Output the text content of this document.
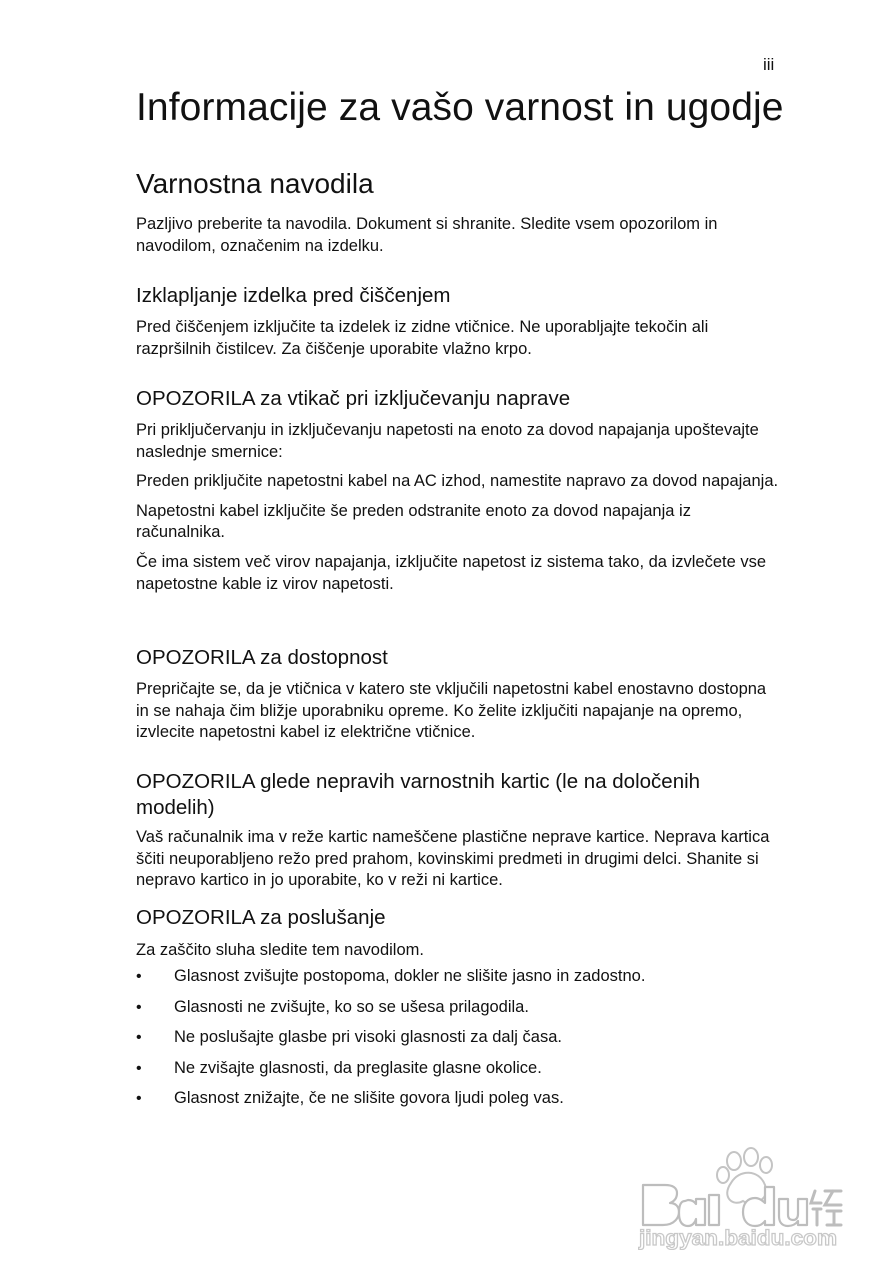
iii
Informacije za vašo varnost in ugodje
Varnostna navodila

Pazljivo preberite ta navodila. Dokument si shranite. Sledite vsem opozorilom in navodilom, označenim na izdelku.

Izklapljanje izdelka pred čiščenjem

Pred čiščenjem izključite ta izdelek iz zidne vtičnice. Ne uporabljajte tekočin ali razpršilnih čistilcev. Za čiščenje uporabite vlažno krpo.

OPOZORILA za vtikač pri izključevanju naprave

Pri priključervanju in izključevanju napetosti na enoto za dovod napajanja upoštevajte naslednje smernice:

Preden priključite napetostni kabel na AC izhod, namestite napravo za dovod napajanja.

Napetostni kabel izključite še preden odstranite enoto za dovod napajanja iz računalnika.

Če ima sistem več virov napajanja, izključite napetost iz sistema tako, da izvlečete vse napetostne kable iz virov napetosti.

OPOZORILA za dostopnost

Prepričajte se, da je vtičnica v katero ste vključili napetostni kabel enostavno dostopna in se nahaja čim bližje uporabniku opreme. Ko želite izključiti napajanje na opremo, izvlecite napetostni kabel iz električne vtičnice.

OPOZORILA glede nepravih varnostnih kartic (le na določenih modelih)

Vaš računalnik ima v reže kartic nameščene plastične neprave kartice. Neprava kartica ščiti neuporabljeno režo pred prahom, kovinskimi predmeti in drugimi delci. Shanite si nepravo kartico in jo uporabite, ko v reži ni kartice.

OPOZORILA za poslušanje

Za zaščito sluha sledite tem navodilom.

• Glasnost zvišujte postopoma, dokler ne slišite jasno in zadostno.
• Glasnosti ne zvišujte, ko so se ušesa prilagodila.
• Ne poslušajte glasbe pri visoki glasnosti za dalj časa.
• Ne zvišajte glasnosti, da preglasite glasne okolice.
• Glasnost znižajte, če ne slišite govora ljudi poleg vas.
jingyan.baidu.com
